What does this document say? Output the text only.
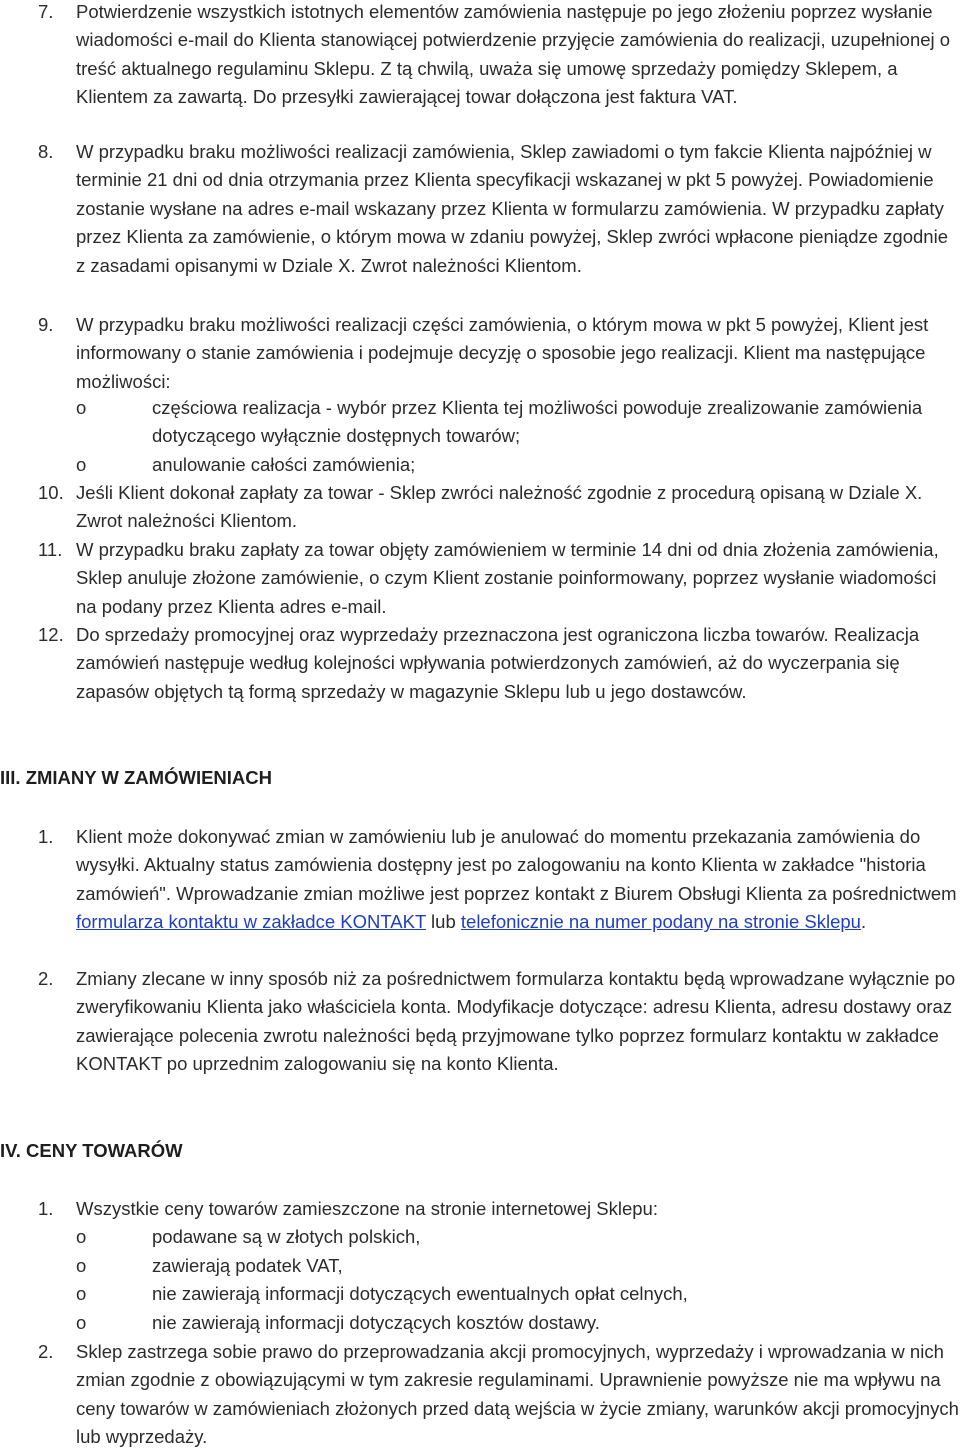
7. Potwierdzenie wszystkich istotnych elementów zamówienia następuje po jego złożeniu poprzez wysłanie wiadomości e-mail do Klienta stanowiącej potwierdzenie przyjęcie zamówienia do realizacji, uzupełnionej o treść aktualnego regulaminu Sklepu. Z tą chwilą, uważa się umowę sprzedaży pomiędzy Sklepem, a Klientem za zawartą. Do przesyłki zawierającej towar dołączona jest faktura VAT.
8. W przypadku braku możliwości realizacji zamówienia, Sklep zawiadomi o tym fakcie Klienta najpóźniej w terminie 21 dni od dnia otrzymania przez Klienta specyfikacji wskazanej w pkt 5 powyżej. Powiadomienie zostanie wysłane na adres e-mail wskazany przez Klienta w formularzu zamówienia. W przypadku zapłaty przez Klienta za zamówienie, o którym mowa w zdaniu powyżej, Sklep zwróci wpłacone pieniądze zgodnie z zasadami opisanymi w Dziale X. Zwrot należności Klientom.
9. W przypadku braku możliwości realizacji części zamówienia, o którym mowa w pkt 5 powyżej, Klient jest informowany o stanie zamówienia i podejmuje decyzję o sposobie jego realizacji. Klient ma następujące możliwości:
o	częściowa realizacja - wybór przez Klienta tej możliwości powoduje zrealizowanie zamówienia dotyczącego wyłącznie dostępnych towarów;
o	anulowanie całości zamówienia;
10. Jeśli Klient dokonał zapłaty za towar - Sklep zwróci należność zgodnie z procedurą opisaną w Dziale X. Zwrot należności Klientom.
11. W przypadku braku zapłaty za towar objęty zamówieniem w terminie 14 dni od dnia złożenia zamówienia, Sklep anuluje złożone zamówienie, o czym Klient zostanie poinformowany, poprzez wysłanie wiadomości na podany przez Klienta adres e-mail.
12. Do sprzedaży promocyjnej oraz wyprzedaży przeznaczona jest ograniczona liczba towarów. Realizacja zamówień następuje według kolejności wpływania potwierdzonych zamówień, aż do wyczerpania się zapasów objętych tą formą sprzedaży w magazynie Sklepu lub u jego dostawców.
III. ZMIANY W ZAMÓWIENIACH
1. Klient może dokonywać zmian w zamówieniu lub je anulować do momentu przekazania zamówienia do wysyłki. Aktualny status zamówienia dostępny jest po zalogowaniu na konto Klienta w zakładce "historia zamówień". Wprowadzanie zmian możliwe jest poprzez kontakt z Biurem Obsługi Klienta za pośrednictwem formularza kontaktu w zakładce KONTAKT lub telefonicznie na numer podany na stronie Sklepu.
2. Zmiany zlecane w inny sposób niż za pośrednictwem formularza kontaktu będą wprowadzane wyłącznie po zweryfikowaniu Klienta jako właściciela konta. Modyfikacje dotyczące: adresu Klienta, adresu dostawy oraz zawierające polecenia zwrotu należności będą przyjmowane tylko poprzez formularz kontaktu w zakładce KONTAKT po uprzednim zalogowaniu się na konto Klienta.
IV. CENY TOWARÓW
1. Wszystkie ceny towarów zamieszczone na stronie internetowej Sklepu:
o	podawane są w złotych polskich,
o	zawierają podatek VAT,
o	nie zawierają informacji dotyczących ewentualnych opłat celnych,
o	nie zawierają informacji dotyczących kosztów dostawy.
2. Sklep zastrzega sobie prawo do przeprowadzania akcji promocyjnych, wyprzedaży i wprowadzania w nich zmian zgodnie z obowiązującymi w tym zakresie regulaminami. Uprawnienie powyższe nie ma wpływu na ceny towarów w zamówieniach złożonych przed datą wejścia w życie zmiany, warunków akcji promocyjnych lub wyprzedaży.
